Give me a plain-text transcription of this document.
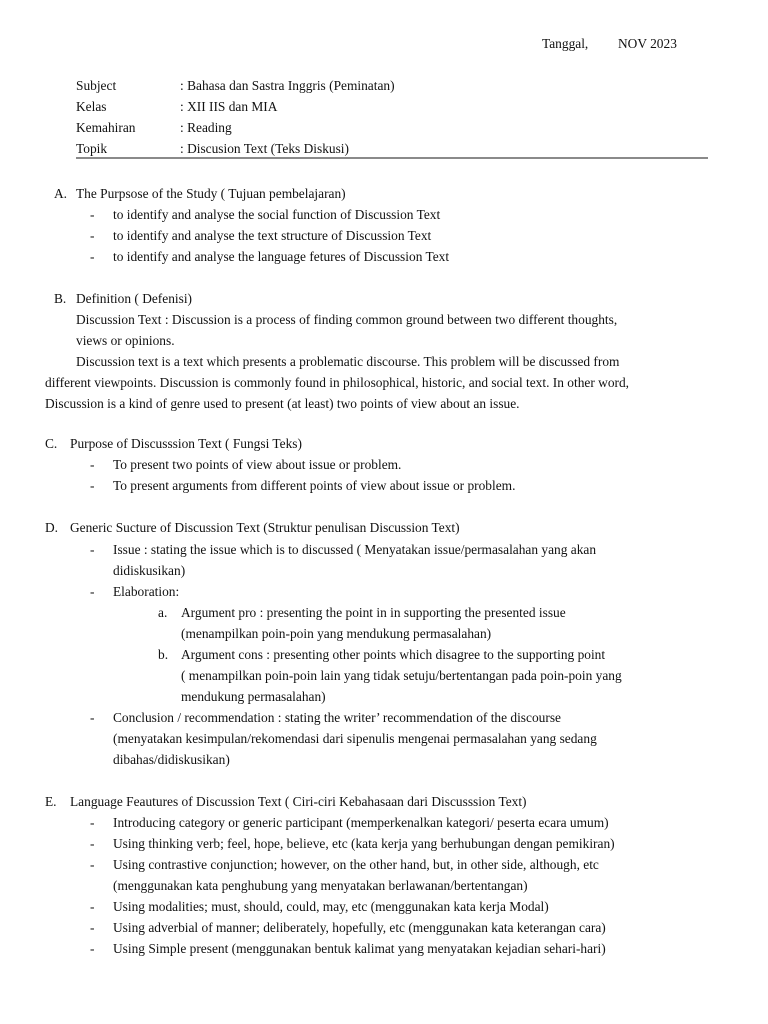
Tanggal, NOV 2023
Subject	: Bahasa dan Sastra Inggris (Peminatan)
Kelas	: XII IIS dan MIA
Kemahiran	: Reading
Topik	: Discusion Text (Teks Diskusi)
A. The Purpsose of the Study ( Tujuan pembelajaran)
- to identify and analyse the social function of Discussion Text
- to identify and analyse the text structure of Discussion Text
- to identify and analyse the language fetures of Discussion Text
B. Definition ( Defenisi)
Discussion Text : Discussion is a process of finding common ground between two different thoughts,
views or opinions.
Discussion text is a text which presents a problematic discourse. This problem will be discussed from
different viewpoints. Discussion is commonly found in philosophical, historic, and social text. In other word,
Discussion is a kind of genre used to present (at least) two points of view about an issue.
C. Purpose of Discusssion Text ( Fungsi Teks)
- To present two points of view about issue or problem.
- To present arguments from different points of view about issue or problem.
D. Generic Sucture of Discussion Text (Struktur penulisan Discussion Text)
- Issue : stating the issue which is to discussed ( Menyatakan issue/permasalahan yang akan
didiskusikan)
- Elaboration:
a. Argument pro : presenting the point in in supporting the presented issue
(menampilkan poin-poin yang mendukung permasalahan)
b. Argument cons : presenting other points which disagree to the supporting point
( menampilkan poin-poin lain yang tidak setuju/bertentangan pada poin-poin yang
mendukung permasalahan)
- Conclusion / recommendation : stating the writer’ recommendation of the discourse
(menyatakan kesimpulan/rekomendasi dari sipenulis mengenai permasalahan yang sedang
dibahas/didiskusikan)
E. Language Feautures of Discussion Text ( Ciri-ciri Kebahasaan dari Discusssion Text)
- Introducing category or generic participant (memperkenalkan kategori/ peserta ecara umum)
- Using thinking verb; feel, hope, believe, etc (kata kerja yang berhubungan dengan pemikiran)
- Using contrastive conjunction; however, on the other hand, but, in other side, although, etc
(menggunakan kata penghubung yang menyatakan berlawanan/bertentangan)
- Using modalities; must, should, could, may, etc (menggunakan kata kerja Modal)
- Using adverbial of manner; deliberately, hopefully, etc (menggunakan kata keterangan cara)
- Using Simple present (menggunakan bentuk kalimat yang menyatakan kejadian sehari-hari)
